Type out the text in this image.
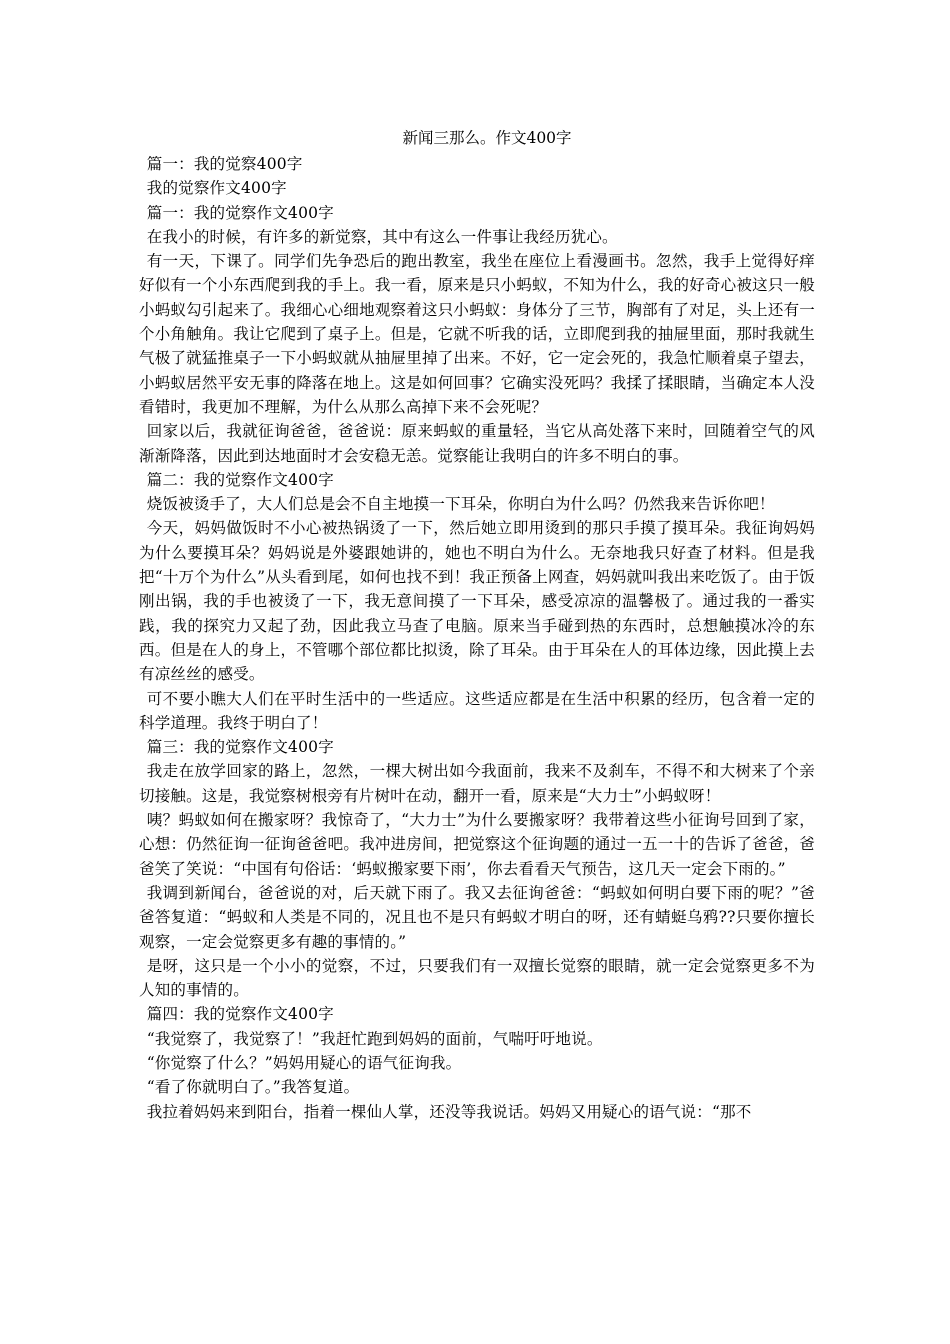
新闻三那么。作文400字

篇一：我的觉察400字

我的觉察作文400字

篇一：我的觉察作文400字

在我小的时候，有许多的新觉察，其中有这么一件事让我经历犹心。

有一天，下课了。同学们先争恐后的跑出教室，我坐在座位上看漫画书。忽然，我手上觉得好痒好似有一个小东西爬到我的手上。我一看，原来是只小蚂蚁，不知为什么，我的好奇心被这只一般小蚂蚁勾引起来了。我细心心细地观察着这只小蚂蚁：身体分了三节，胸部有了对足，头上还有一个小角触角。我让它爬到了桌子上。但是，它就不听我的话，立即爬到我的抽屉里面，那时我就生气极了就猛推桌子一下小蚂蚁就从抽屉里掉了出来。不好，它一定会死的，我急忙顺着桌子望去，小蚂蚁居然平安无事的降落在地上。这是如何回事？它确实没死吗？我揉了揉眼睛，当确定本人没看错时，我更加不理解，为什么从那么高掉下来不会死呢？

回家以后，我就征询爸爸，爸爸说：原来蚂蚁的重量轻，当它从高处落下来时，回随着空气的风渐渐降落，因此到达地面时才会安稳无恙。觉察能让我明白的许多不明白的事。

篇二：我的觉察作文400字

烧饭被烫手了，大人们总是会不自主地摸一下耳朵，你明白为什么吗？仍然我来告诉你吧！

今天，妈妈做饭时不小心被热锅烫了一下，然后她立即用烫到的那只手摸了摸耳朵。我征询妈妈为什么要摸耳朵？妈妈说是外婆跟她讲的，她也不明白为什么。无奈地我只好查了材料。但是我把“十万个为什么”从头看到尾，如何也找不到！我正预备上网查，妈妈就叫我出来吃饭了。由于饭刚出锅，我的手也被烫了一下，我无意间摸了一下耳朵，感受凉凉的温馨极了。通过我的一番实践，我的探究力又起了劲，因此我立马查了电脑。原来当手碰到热的东西时，总想触摸冰冷的东西。但是在人的身上，不管哪个部位都比拟烫，除了耳朵。由于耳朵在人的耳体边缘，因此摸上去有凉丝丝的感受。

可不要小瞧大人们在平时生活中的一些适应。这些适应都是在生活中积累的经历，包含着一定的科学道理。我终于明白了！

篇三：我的觉察作文400字

我走在放学回家的路上，忽然，一棵大树出如今我面前，我来不及刹车，不得不和大树来了个亲切接触。这是，我觉察树根旁有片树叶在动，翻开一看，原来是“大力士”小蚂蚁呀！

咦？蚂蚁如何在搬家呀？我惊奇了，“大力士”为什么要搬家呀？我带着这些小征询号回到了家，心想：仍然征询一征询爸爸吧。我冲进房间，把觉察这个征询题的通过一五一十的告诉了爸爸，爸爸笑了笑说：“中国有句俗话：‘蚂蚁搬家要下雨’，你去看看天气预告，这几天一定会下雨的。”

我调到新闻台，爸爸说的对，后天就下雨了。我又去征询爸爸：“蚂蚁如何明白要下雨的呢？”爸爸答复道：“蚂蚁和人类是不同的，况且也不是只有蚂蚁才明白的呀，还有蜻蜓乌鸦??只要你擅长观察，一定会觉察更多有趣的事情的。”

是呀，这只是一个小小的觉察，不过，只要我们有一双擅长觉察的眼睛，就一定会觉察更多不为人知的事情的。

篇四：我的觉察作文400字

“我觉察了，我觉察了！”我赶忙跑到妈妈的面前，气喘吁吁地说。

“你觉察了什么？”妈妈用疑心的语气征询我。

“看了你就明白了。”我答复道。

我拉着妈妈来到阳台，指着一棵仙人掌，还没等我说话。妈妈又用疑心的语气说：“那不
